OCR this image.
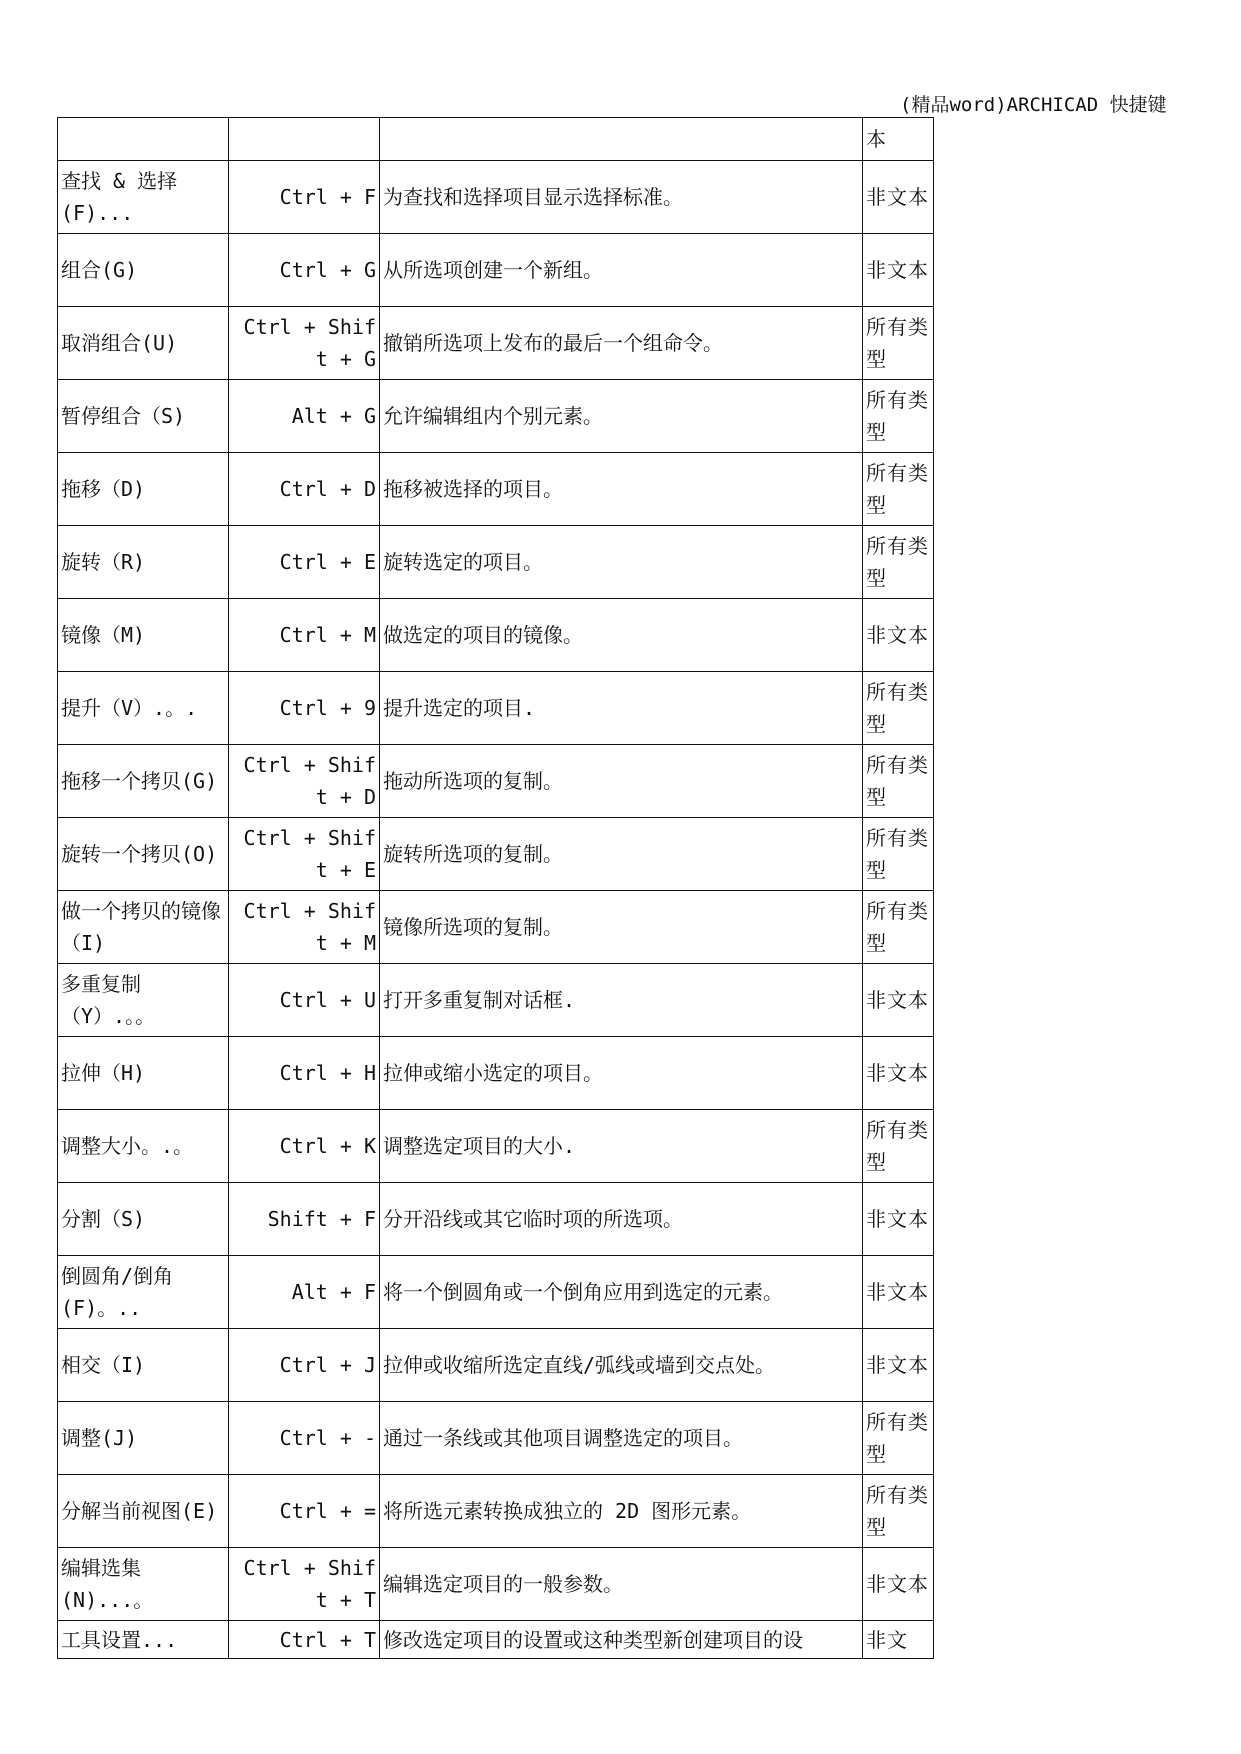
(精品word)ARCHICAD 快捷键
			本

查找 & 选择(F)...	Ctrl + F	为查找和选择项目显示选择标准。	非文本

组合(G)	Ctrl + G	从所选项创建一个新组。	非文本

取消组合(U)	Ctrl + Shift + G	撤销所选项上发布的最后一个组命令。	所有类型

暂停组合（S)	Alt + G	允许编辑组内个别元素。	所有类型

拖移（D)	Ctrl + D	拖移被选择的项目。	所有类型

旋转（R)	Ctrl + E	旋转选定的项目。	所有类型

镜像（M)	Ctrl + M	做选定的项目的镜像。	非文本

提升（V）.。.	Ctrl + 9	提升选定的项目.	所有类型

拖移一个拷贝(G)	Ctrl + Shift + D	拖动所选项的复制。	所有类型

旋转一个拷贝(O)	Ctrl + Shift + E	旋转所选项的复制。	所有类型

做一个拷贝的镜像（I)	Ctrl + Shift + M	镜像所选项的复制。	所有类型

多重复制（Y）.。。	Ctrl + U	打开多重复制对话框.	非文本

拉伸（H)	Ctrl + H	拉伸或缩小选定的项目。	非文本

调整大小。.。	Ctrl + K	调整选定项目的大小.	所有类型

分割（S)	Shift + F	分开沿线或其它临时项的所选项。	非文本

倒圆角/倒角(F)。..	Alt + F	将一个倒圆角或一个倒角应用到选定的元素。	非文本

相交（I)	Ctrl + J	拉伸或收缩所选定直线/弧线或墙到交点处。	非文本

调整(J)	Ctrl + -	通过一条线或其他项目调整选定的项目。	所有类型

分解当前视图(E)	Ctrl + =	将所选元素转换成独立的 2D 图形元素。	所有类型

编辑选集(N)...。	Ctrl + Shift + T	编辑选定项目的一般参数。	非文本

工具设置...	Ctrl + T	修改选定项目的设置或这种类型新创建项目的设	非文
